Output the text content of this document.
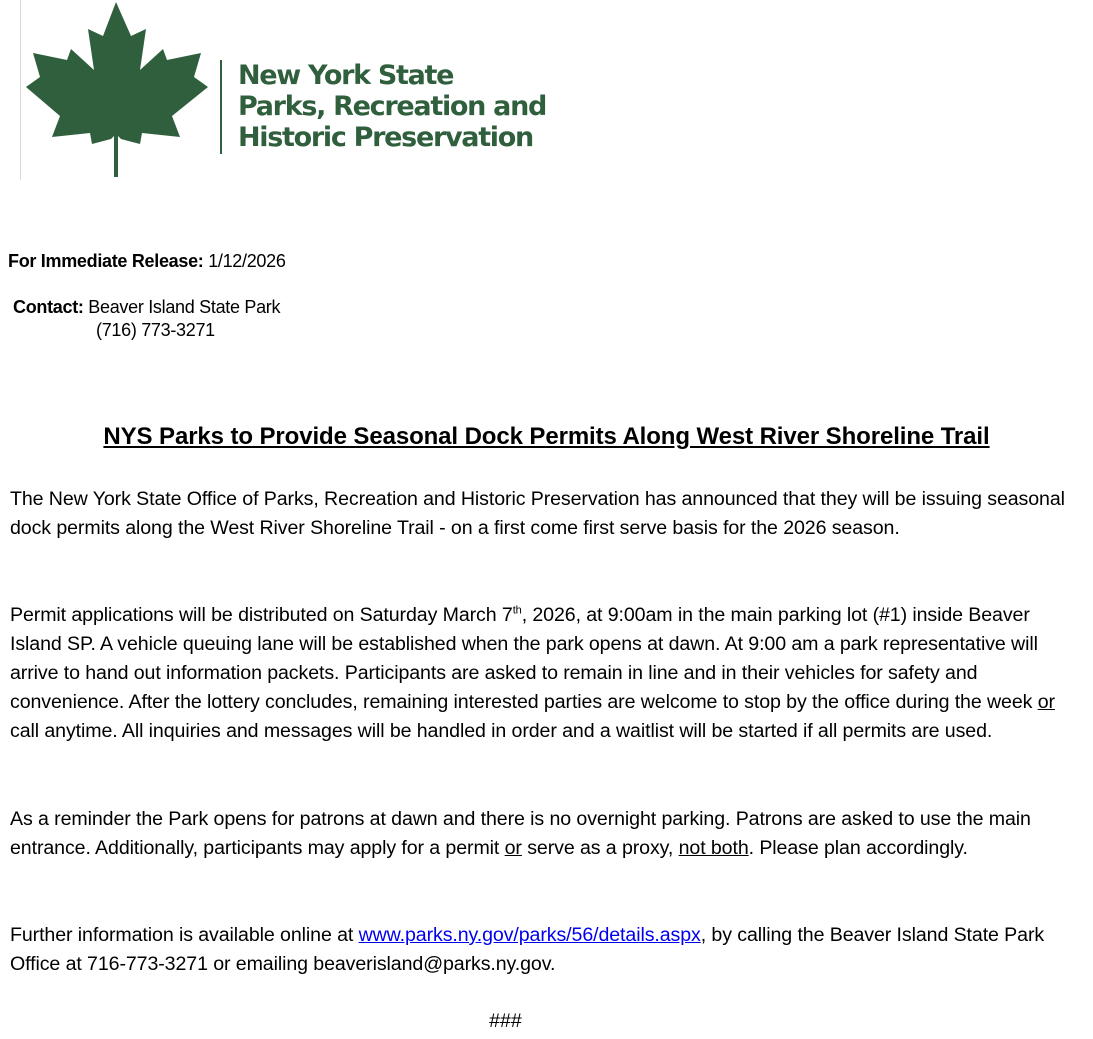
New York State
Parks, Recreation and
Historic Preservation
For Immediate Release: 1/12/2026
Contact: Beaver Island State Park
(716) 773-3271
NYS Parks to Provide Seasonal Dock Permits Along West River Shoreline Trail
The New York State Office of Parks, Recreation and Historic Preservation has announced that they will be issuing seasonal dock permits along the West River Shoreline Trail - on a first come first serve basis for the 2026 season.
Permit applications will be distributed on Saturday March 7th, 2026, at 9:00am in the main parking lot (#1) inside Beaver Island SP. A vehicle queuing lane will be established when the park opens at dawn. At 9:00 am a park representative will arrive to hand out information packets. Participants are asked to remain in line and in their vehicles for safety and convenience. After the lottery concludes, remaining interested parties are welcome to stop by the office during the week or call anytime. All inquiries and messages will be handled in order and a waitlist will be started if all permits are used.
As a reminder the Park opens for patrons at dawn and there is no overnight parking. Patrons are asked to use the main entrance. Additionally, participants may apply for a permit or serve as a proxy, not both. Please plan accordingly.
Further information is available online at www.parks.ny.gov/parks/56/details.aspx, by calling the Beaver Island State Park Office at 716-773-3271 or emailing beaverisland@parks.ny.gov.
###
